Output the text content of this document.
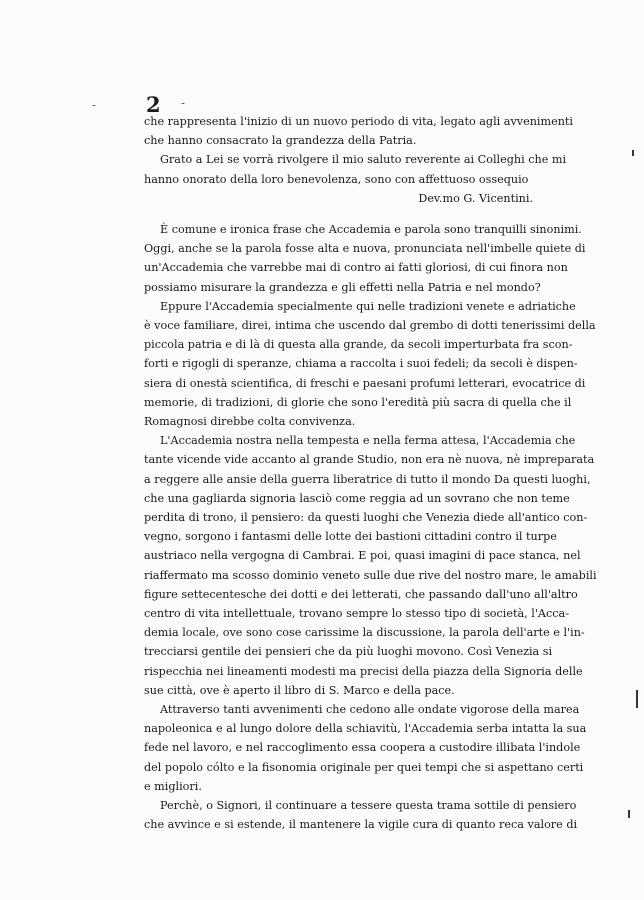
2
-	-
che rappresenta l'inizio di un nuovo periodo di vita, legato agli avvenimenti
che hanno consacrato la grandezza della Patria.
Grato a Lei se vorrà rivolgere il mio saluto reverente ai Colleghi che mi
hanno onorato della loro benevolenza, sono con affettuoso ossequio
Dev.mo G. Vicentini.
È comune e ironica frase che Accademia e parola sono tranquilli sinonimi.
Oggi, anche se la parola fosse alta e nuova, pronunciata nell'imbelle quiete di
un'Accademia che varrebbe mai di contro ai fatti gloriosi, di cui finora non
possiamo misurare la grandezza e gli effetti nella Patria e nel mondo?
Eppure l'Accademia specialmente qui nelle tradizioni venete e adriatiche
è voce familiare, direi, intima che uscendo dal grembo di dotti tenerissimi della
piccola patria e di là di questa alla grande, da secoli imperturbata fra scon-
forti e rigogli di speranze, chiama a raccolta i suoi fedeli; da secoli è dispen-
siera di onestà scientifica, di freschi e paesani profumi letterari, evocatrice di
memorie, di tradizioni, di glorie che sono l'eredità più sacra di quella che il
Romagnosi direbbe colta convivenza.
L'Accademia nostra nella tempesta e nella ferma attesa, l'Accademia che
tante vicende vide accanto al grande Studio, non era nè nuova, nè impreparata
a reggere alle ansie della guerra liberatrice di tutto il mondo Da questi luoghi,
che una gagliarda signoria lasciò come reggia ad un sovrano che non teme
perdita di trono, il pensiero: da questi luoghi che Venezia diede all'antico con-
vegno, sorgono i fantasmi delle lotte dei bastioni cittadini contro il turpe
austriaco nella vergogna di Cambrai. E poi, quasi imagini di pace stanca, nel
riaffermato ma scosso dominio veneto sulle due rive del nostro mare, le amabili
figure settecentesche dei dotti e dei letterati, che passando dall'uno all'altro
centro di vita intellettuale, trovano sempre lo stesso tipo di società, l'Acca-
demia locale, ove sono cose carissime la discussione, la parola dell'arte e l'in-
trecciarsi gentile dei pensieri che da più luoghi movono. Così Venezia si
rispecchia nei lineamenti modesti ma precisi della piazza della Signoria delle
sue città, ove è aperto il libro di S. Marco e della pace.
Attraverso tanti avvenimenti che cedono alle ondate vigorose della marea
napoleonica e al lungo dolore della schiavitù, l'Accademia serba intatta la sua
fede nel lavoro, e nel raccoglimento essa coopera a custodire illibata l'indole
del popolo cólto e la fisonomia originale per quei tempi che si aspettano certi
e migliori.
Perchè, o Signori, il continuare a tessere questa trama sottile di pensiero
che avvince e si estende, il mantenere la vigile cura di quanto reca valore di
